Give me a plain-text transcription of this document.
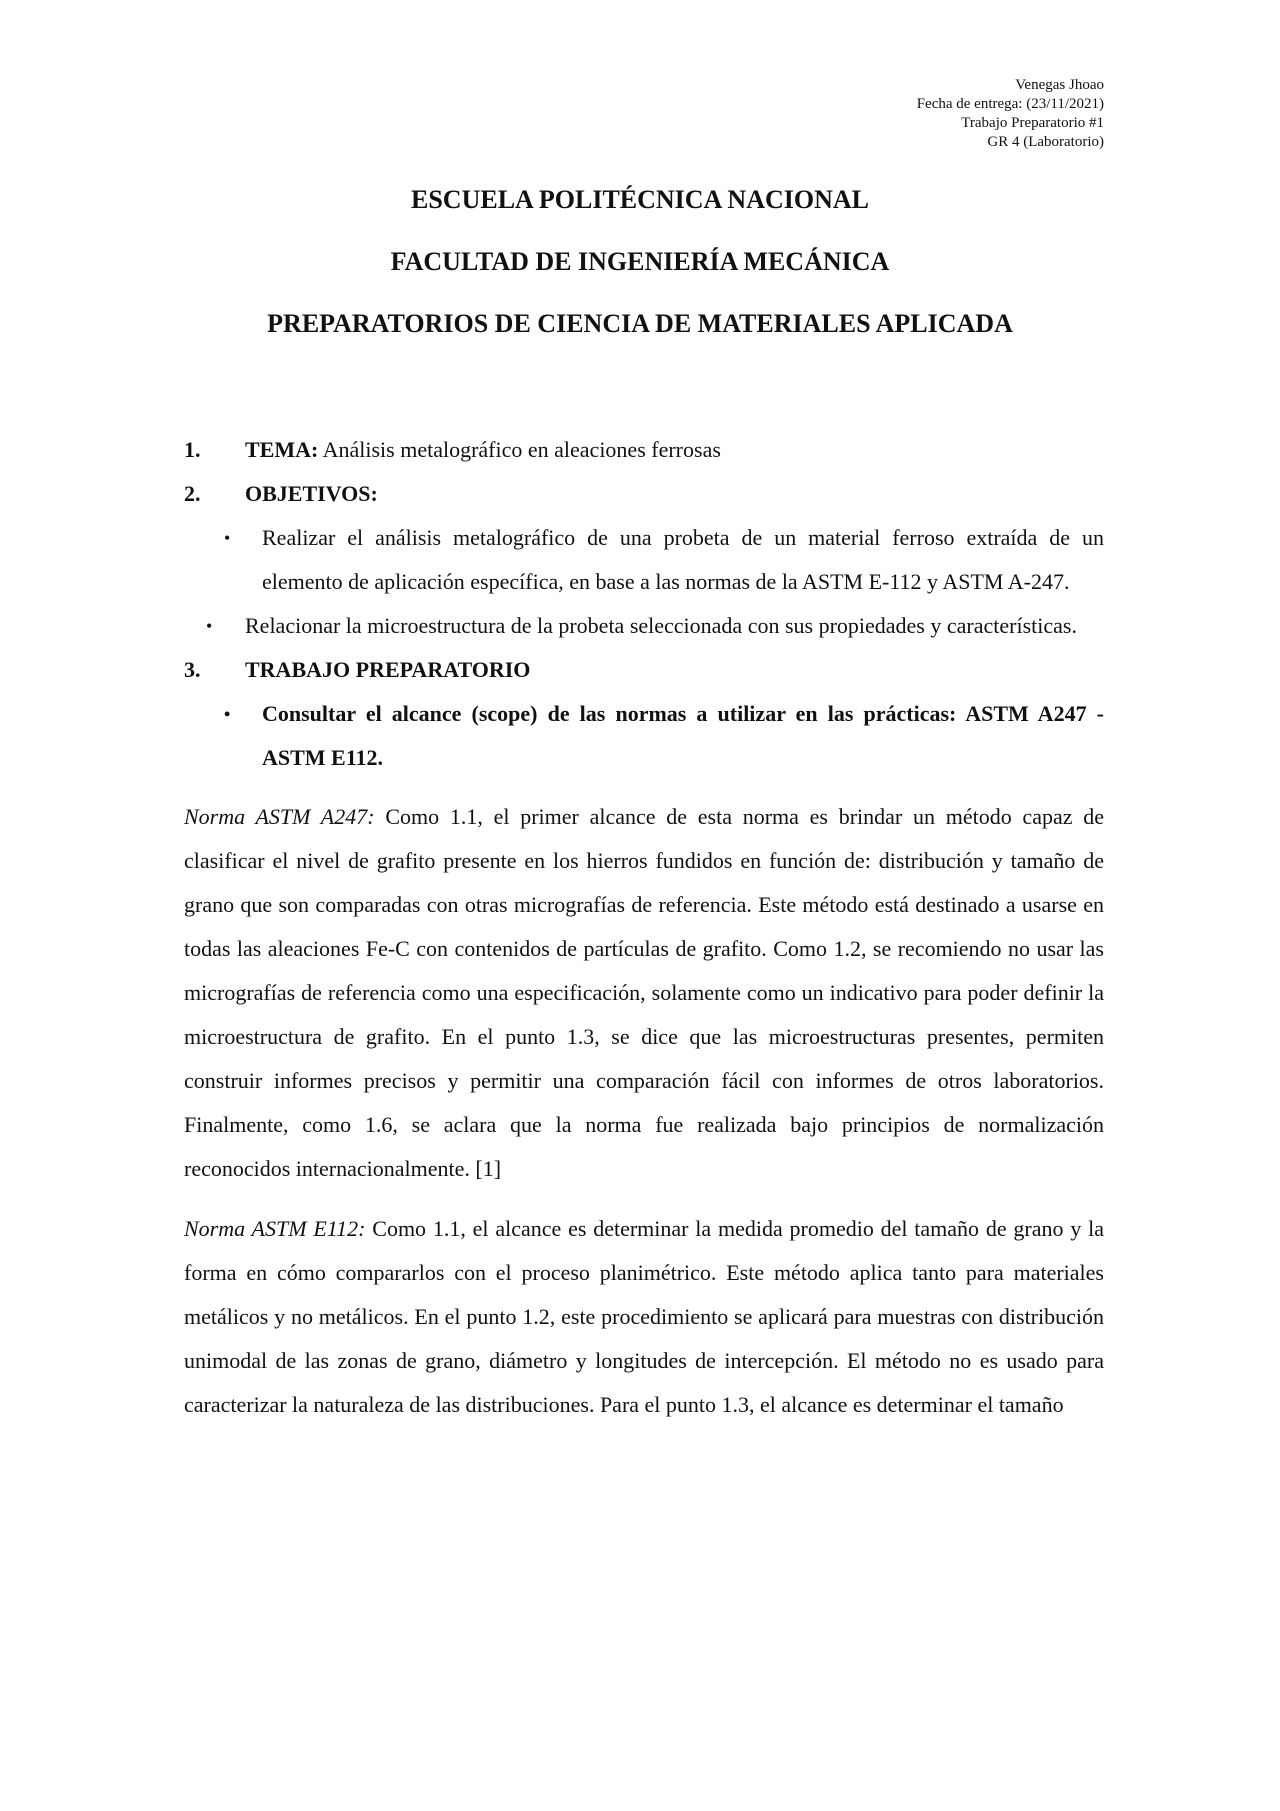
Venegas Jhoao
Fecha de entrega: (23/11/2021)
Trabajo Preparatorio #1
GR 4 (Laboratorio)
ESCUELA POLITÉCNICA NACIONAL
FACULTAD DE INGENIERÍA MECÁNICA
PREPARATORIOS DE CIENCIA DE MATERIALES APLICADA
1. TEMA: Análisis metalográfico en aleaciones ferrosas
2. OBJETIVOS:
• Realizar el análisis metalográfico de una probeta de un material ferroso extraída de un elemento de aplicación específica, en base a las normas de la ASTM E-112 y ASTM A-247.
• Relacionar la microestructura de la probeta seleccionada con sus propiedades y características.
3. TRABAJO PREPARATORIO
• Consultar el alcance (scope) de las normas a utilizar en las prácticas: ASTM A247 - ASTM E112.
Norma ASTM A247: Como 1.1, el primer alcance de esta norma es brindar un método capaz de clasificar el nivel de grafito presente en los hierros fundidos en función de: distribución y tamaño de grano que son comparadas con otras micrografías de referencia. Este método está destinado a usarse en todas las aleaciones Fe-C con contenidos de partículas de grafito. Como 1.2, se recomiendo no usar las micrografías de referencia como una especificación, solamente como un indicativo para poder definir la microestructura de grafito. En el punto 1.3, se dice que las microestructuras presentes, permiten construir informes precisos y permitir una comparación fácil con informes de otros laboratorios. Finalmente, como 1.6, se aclara que la norma fue realizada bajo principios de normalización reconocidos internacionalmente. [1]
Norma ASTM E112: Como 1.1, el alcance es determinar la medida promedio del tamaño de grano y la forma en cómo compararlos con el proceso planimétrico. Este método aplica tanto para materiales metálicos y no metálicos. En el punto 1.2, este procedimiento se aplicará para muestras con distribución unimodal de las zonas de grano, diámetro y longitudes de intercepción. El método no es usado para caracterizar la naturaleza de las distribuciones. Para el punto 1.3, el alcance es determinar el tamaño
